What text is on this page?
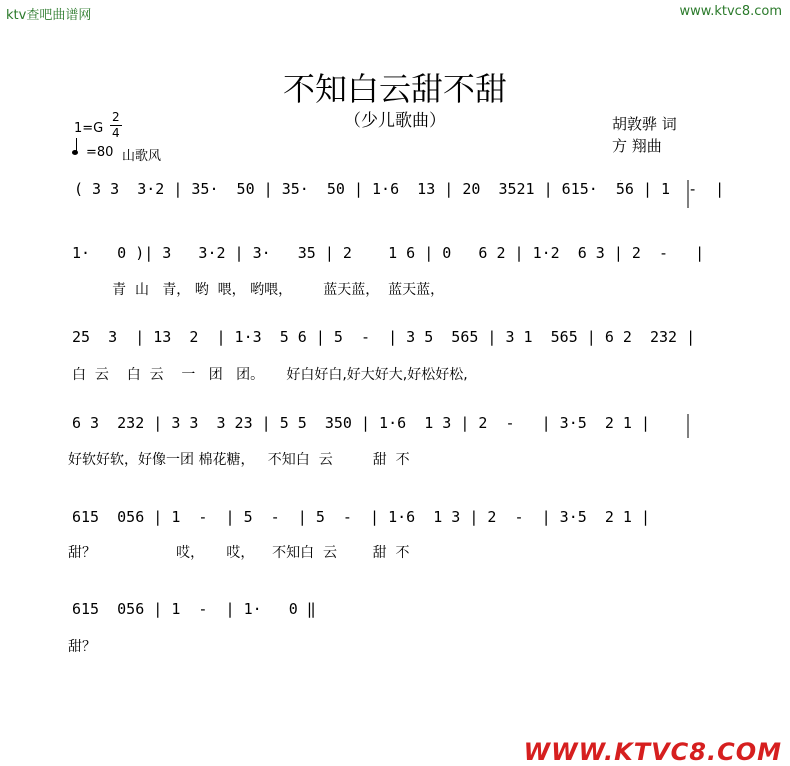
ktv查吧曲谱网	www.ktvc8.com
不知白云甜不甜
（少儿歌曲）
1=G
2
4
=80 山歌风
胡敦骅 词
方 翔曲
( 3 3  3·2 | 35·  50 | 35·  50 | 1·6  13 | 20  3521 | 615·  56 | 1  -  |
1·   0 )| 3   3·2 | 3·   35 | 2    1 6 | 0   6 2 | 1·2  6 3 | 2  -   |
青  山   青， 哟  喂， 哟喂，       蓝天蓝，  蓝天蓝，
25  3  | 13  2  | 1·3  5 6 | 5  -  | 3 5  565 | 3 1  565 | 6 2  232 |
白  云    白  云    一   团   团。     好白好白,好大好大,好松好松,
6 3  232 | 3 3  3 23 | 5 5  350 | 1·6  1 3 | 2  -   | 3·5  2 1 |
好软好软，好像一团 棉花糖，   不知白  云         甜  不
615  056 | 1  -  | 5  -  | 5  -  | 1·6  1 3 | 2  -  | 3·5  2 1 |
甜？                  哎，     哎，    不知白  云        甜  不
615  056 | 1  -  | 1·   0 ‖
甜？
WWW.KTVC8.COM
